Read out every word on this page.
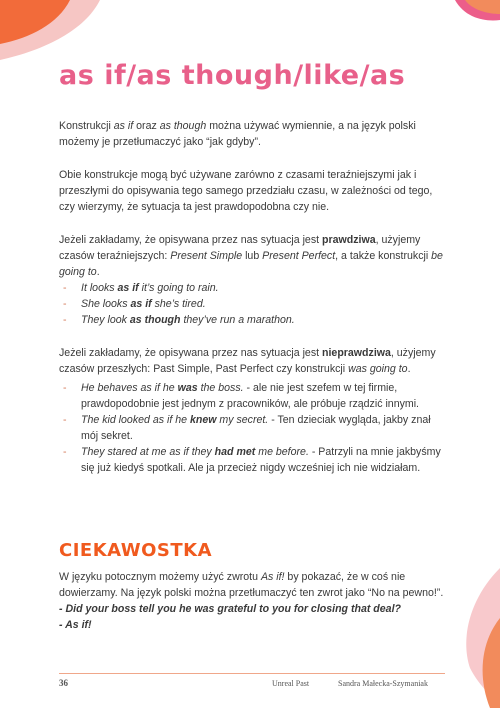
as if/as though/like/as

Konstrukcji as if oraz as though można używać wymiennie, a na język polski możemy je przetłumaczyć jako “jak gdyby”.

Obie konstrukcje mogą być używane zarówno z czasami teraźniejszymi jak i przeszłymi do opisywania tego samego przedziału czasu, w zależności od tego, czy wierzymy, że sytuacja ta jest prawdopodobna czy nie.

Jeżeli zakładamy, że opisywana przez nas sytuacja jest prawdziwa, użyjemy czasów teraźniejszych: Present Simple lub Present Perfect, a także konstrukcji be going to.

- It looks as if it’s going to rain.
- She looks as if she’s tired.
- They look as though they’ve run a marathon.

Jeżeli zakładamy, że opisywana przez nas sytuacja jest nieprawdziwa, użyjemy czasów przeszłych: Past Simple, Past Perfect czy konstrukcji was going to.

- He behaves as if he was the boss. - ale nie jest szefem w tej firmie, prawdopodobnie jest jednym z pracowników, ale próbuje rządzić innymi.
- The kid looked as if he knew my secret. - Ten dzieciak wygląda, jakby znał mój sekret.
- They stared at me as if they had met me before. - Patrzyli na mnie jakbyśmy się już kiedyś spotkali. Ale ja przecież nigdy wcześniej ich nie widziałam.
CIEKAWOSTKA

W języku potocznym możemy użyć zwrotu As if! by pokazać, że w coś nie dowierzamy. Na język polski można przetłumaczyć ten zwrot jako “No na pewno!”.

- Did your boss tell you he was grateful to you for closing that deal?

- As if!

36	Unreal Past	Sandra Małecka-Szymaniak
